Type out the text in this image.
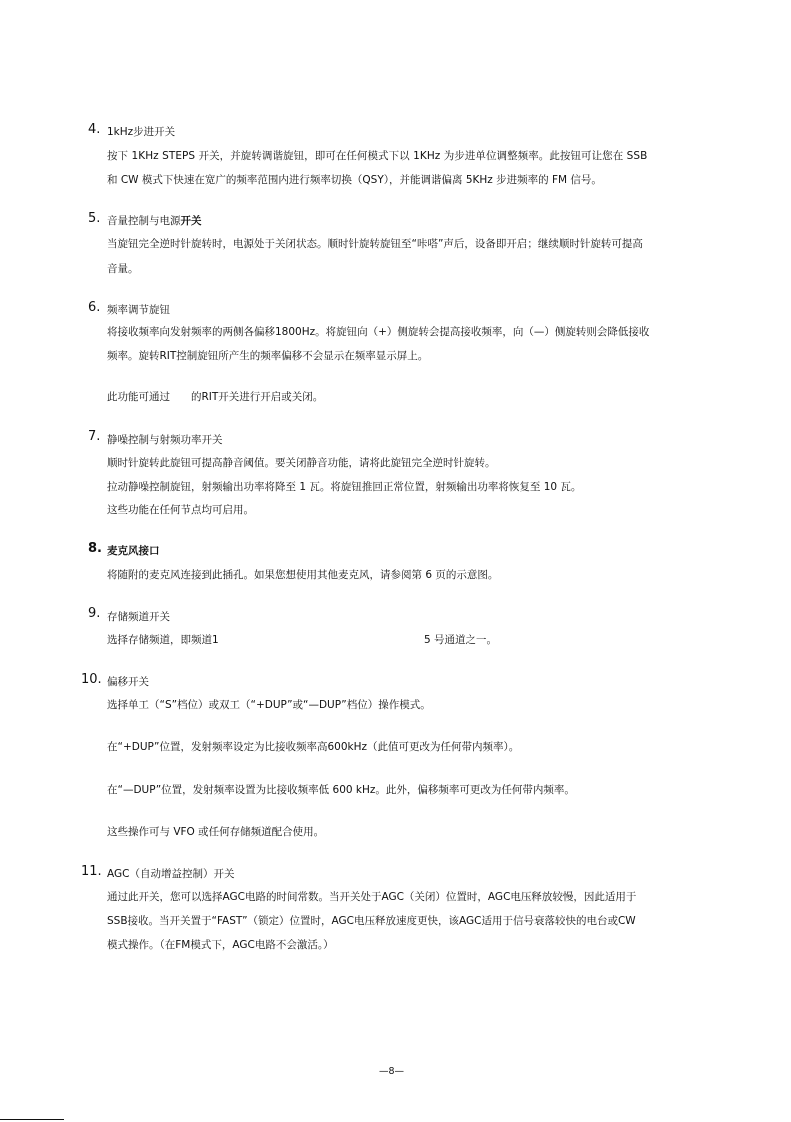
4. 1kHz步进开关
按下 1KHz STEPS 开关，并旋转调谐旋钮，即可在任何模式下以 1KHz 为步进单位调整频率。此按钮可让您在 SSB
和 CW 模式下快速在宽广的频率范围内进行频率切换（QSY），并能调谐偏离 5KHz 步进频率的 FM 信号。
5. 音量控制与电源开关
当旋钮完全逆时针旋转时，电源处于关闭状态。顺时针旋转旋钮至“咔嗒”声后，设备即开启；继续顺时针旋转可提高
音量。
6. 频率调节旋钮
将接收频率向发射频率的两侧各偏移1800Hz。将旋钮向（+）侧旋转会提高接收频率，向（—）侧旋转则会降低接收
频率。旋转RIT控制旋钮所产生的频率偏移不会显示在频率显示屏上。
此功能可通过 的RIT开关进行开启或关闭。
7. 静噪控制与射频功率开关
顺时针旋转此旋钮可提高静音阈值。要关闭静音功能，请将此旋钮完全逆时针旋转。
拉动静噪控制旋钮，射频输出功率将降至 1 瓦。将旋钮推回正常位置，射频输出功率将恢复至 10 瓦。
这些功能在任何节点均可启用。
8. 麦克风接口
将随附的麦克风连接到此插孔。如果您想使用其他麦克风，请参阅第 6 页的示意图。
9. 存储频道开关
选择存储频道，即频道1	5 号通道之一。
10. 偏移开关
选择单工（“S”档位）或双工（“+DUP”或“—DUP”档位）操作模式。
在“+DUP”位置，发射频率设定为比接收频率高600kHz（此值可更改为任何带内频率）。
在“—DUP”位置，发射频率设置为比接收频率低 600 kHz。此外，偏移频率可更改为任何带内频率。
这些操作可与 VFO 或任何存储频道配合使用。
11. AGC（自动增益控制）开关
通过此开关，您可以选择AGC电路的时间常数。当开关处于AGC（关闭）位置时，AGC电压释放较慢，因此适用于
SSB接收。当开关置于“FAST”（锁定）位置时，AGC电压释放速度更快，该AGC适用于信号衰落较快的电台或CW
模式操作。（在FM模式下，AGC电路不会激活。）
—8—
